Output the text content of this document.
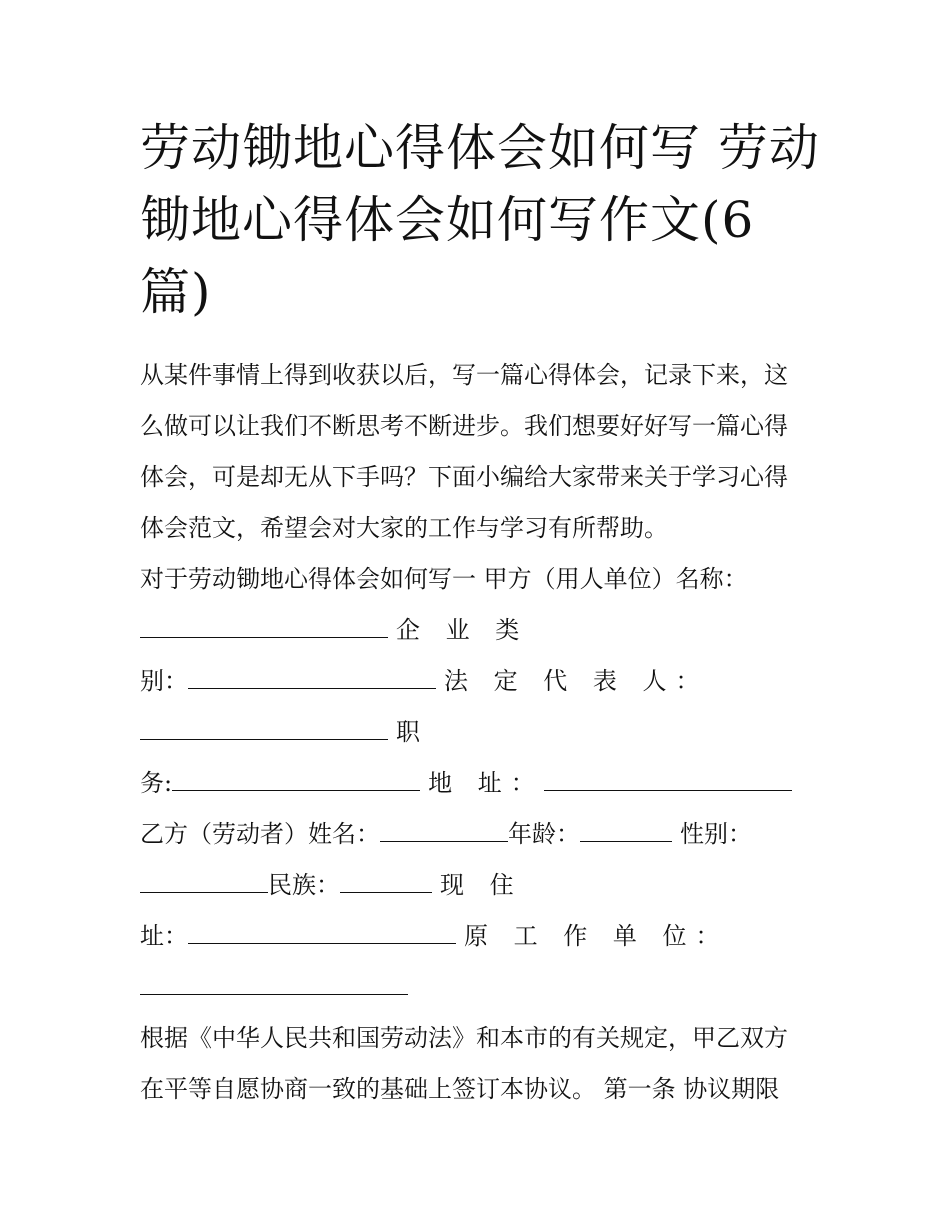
劳动锄地心得体会如何写 劳动
锄地心得体会如何写作文(6
篇)
从某件事情上得到收获以后，写一篇心得体会，记录下来，这
么做可以让我们不断思考不断进步。我们想要好好写一篇心得
体会，可是却无从下手吗？下面小编给大家带来关于学习心得
体会范文，希望会对大家的工作与学习有所帮助。
对于劳动锄地心得体会如何写一 甲方（用人单位）名称：
企 业 类
别：	法 定 代 表 人：
职
务:	地 址：
乙方（劳动者）姓名：	年龄：	性别：
民族：	现 住
址：	原 工 作 单 位：
根据《中华人民共和国劳动法》和本市的有关规定，甲乙双方
在平等自愿协商一致的基础上签订本协议。 第一条 协议期限
